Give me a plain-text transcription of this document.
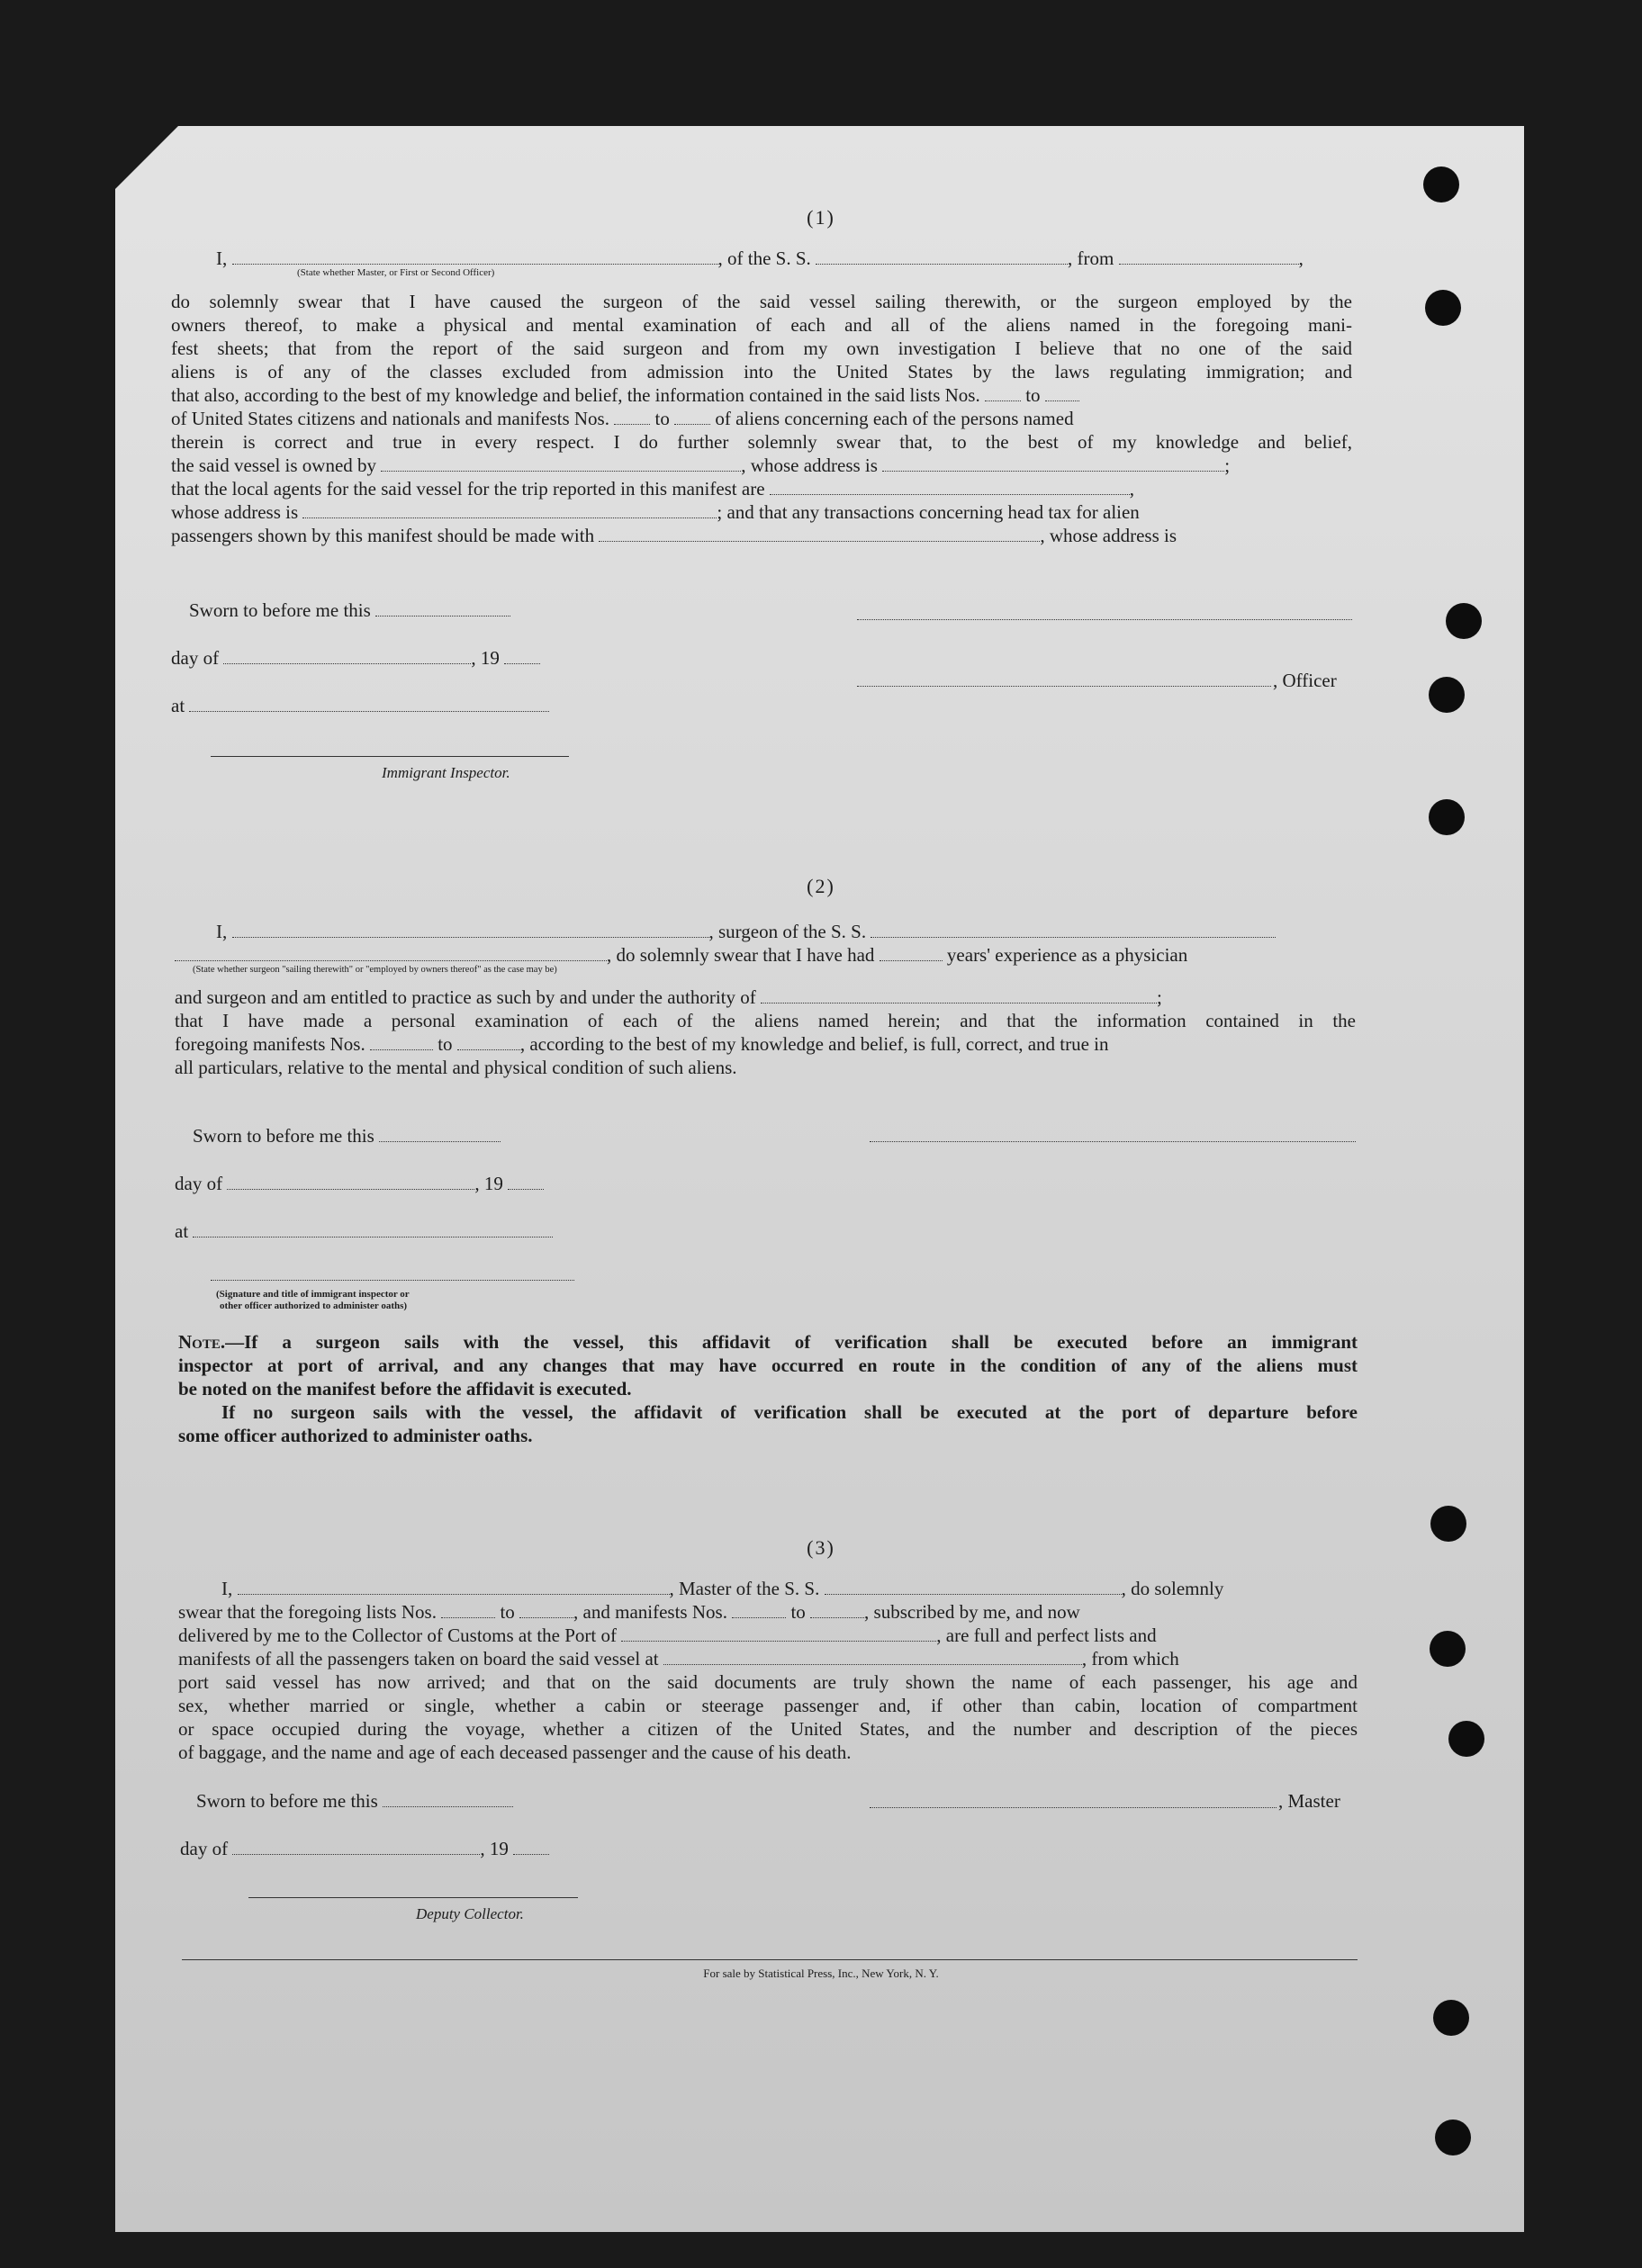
(1)
I,	, of the S. S.	, from	,
(State whether Master, or First or Second Officer)
do solemnly swear that I have caused the surgeon of the said vessel sailing therewith, or the surgeon employed by the
owners thereof, to make a physical and mental examination of each and all of the aliens named in the foregoing mani-
fest sheets; that from the report of the said surgeon and from my own investigation I believe that no one of the said
aliens is of any of the classes excluded from admission into the United States by the laws regulating immigration; and
that also, according to the best of my knowledge and belief, the information contained in the said lists Nos. to
of United States citizens and nationals and manifests Nos. to of aliens concerning each of the persons named
therein is correct and true in every respect. I do further solemnly swear that, to the best of my knowledge and belief,
the said vessel is owned by	, whose address is	;
that the local agents for the said vessel for the trip reported in this manifest are	,
whose address is	; and that any transactions concerning head tax for alien
passengers shown by this manifest should be made with	, whose address is
Sworn to before me this
day of	, 19
at
, Officer
Immigrant Inspector.
(2)
I,	, surgeon of the S. S.
, do solemnly swear that I have had	years' experience as a physician
(State whether surgeon "sailing therewith" or "employed by owners thereof" as the case may be)
and surgeon and am entitled to practice as such by and under the authority of	;
that I have made a personal examination of each of the aliens named herein; and that the information contained in the
foregoing manifests Nos.	to	, according to the best of my knowledge and belief, is full, correct, and true in
all particulars, relative to the mental and physical condition of such aliens.
Sworn to before me this
day of	, 19
at
(Signature and title of immigrant inspector or
other officer authorized to administer oaths)
Note.—If a surgeon sails with the vessel, this affidavit of verification shall be executed before an immigrant
inspector at port of arrival, and any changes that may have occurred en route in the condition of any of the aliens must
be noted on the manifest before the affidavit is executed.
If no surgeon sails with the vessel, the affidavit of verification shall be executed at the port of departure before
some officer authorized to administer oaths.
(3)
I,	, Master of the S. S.	, do solemnly
swear that the foregoing lists Nos.	to	, and manifests Nos.	to	, subscribed by me, and now
delivered by me to the Collector of Customs at the Port of	, are full and perfect lists and
manifests of all the passengers taken on board the said vessel at	, from which
port said vessel has now arrived; and that on the said documents are truly shown the name of each passenger, his age and
sex, whether married or single, whether a cabin or steerage passenger and, if other than cabin, location of compartment
or space occupied during the voyage, whether a citizen of the United States, and the number and description of the pieces
of baggage, and the name and age of each deceased passenger and the cause of his death.
Sworn to before me this	, Master
day of	, 19
Deputy Collector.
For sale by Statistical Press, Inc., New York, N. Y.
